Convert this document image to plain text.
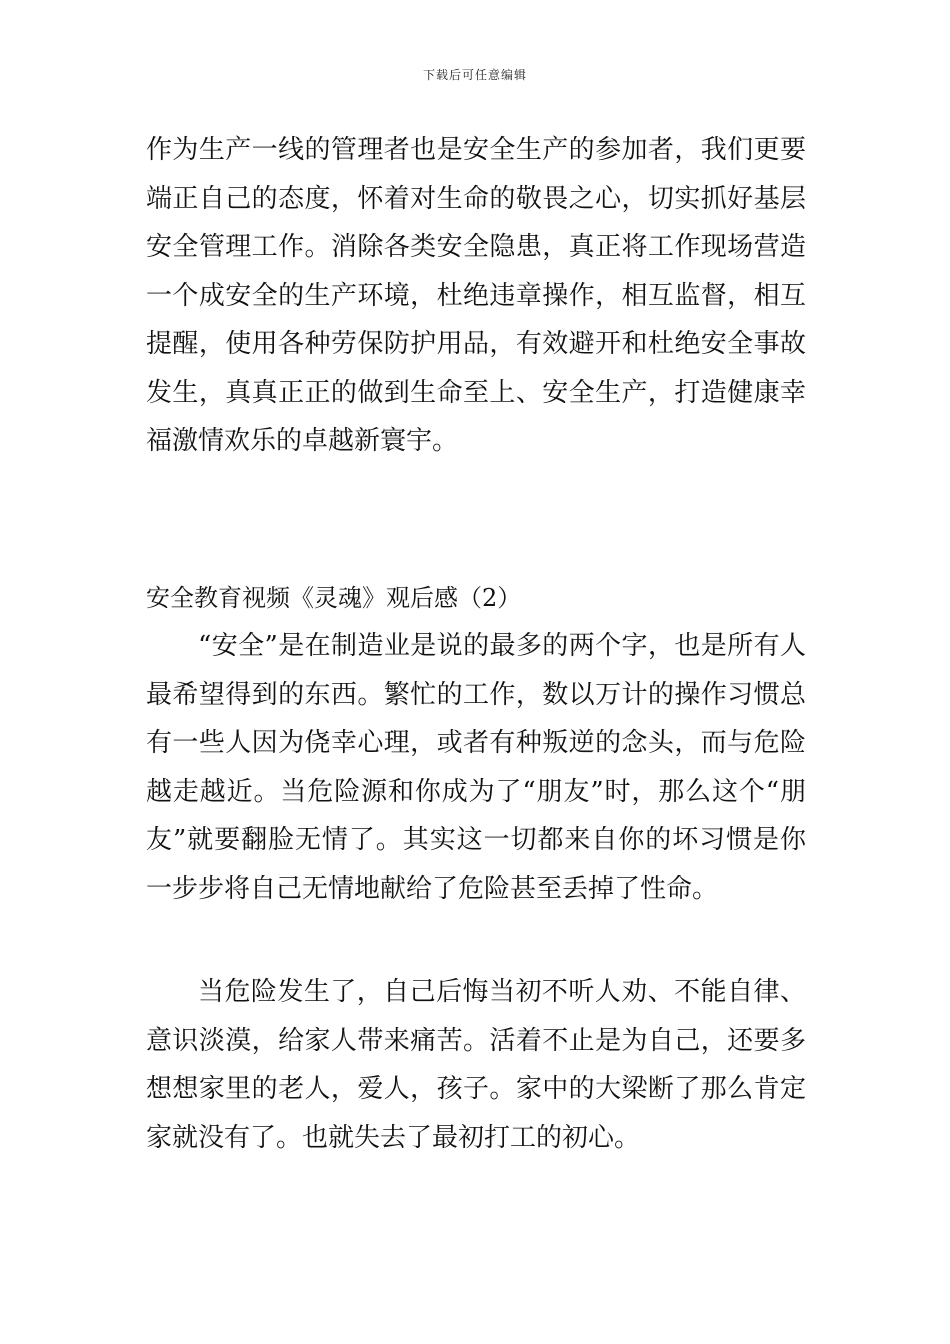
下载后可任意编辑

作为生产一线的管理者也是安全生产的参加者，我们更要端正自己的态度，怀着对生命的敬畏之心，切实抓好基层安全管理工作。消除各类安全隐患，真正将工作现场营造一个成安全的生产环境，杜绝违章操作，相互监督，相互提醒，使用各种劳保防护用品，有效避开和杜绝安全事故发生，真真正正的做到生命至上、安全生产，打造健康幸福激情欢乐的卓越新寰宇。

安全教育视频《灵魂》观后感（2）

“安全”是在制造业是说的最多的两个字，也是所有人最希望得到的东西。繁忙的工作，数以万计的操作习惯总有一些人因为侥幸心理，或者有种叛逆的念头，而与危险越走越近。当危险源和你成为了“朋友”时，那么这个“朋友”就要翻脸无情了。其实这一切都来自你的坏习惯是你一步步将自己无情地献给了危险甚至丢掉了性命。

当危险发生了，自己后悔当初不听人劝、不能自律、意识淡漠，给家人带来痛苦。活着不止是为自己，还要多想想家里的老人，爱人，孩子。家中的大梁断了那么肯定家就没有了。也就失去了最初打工的初心。
